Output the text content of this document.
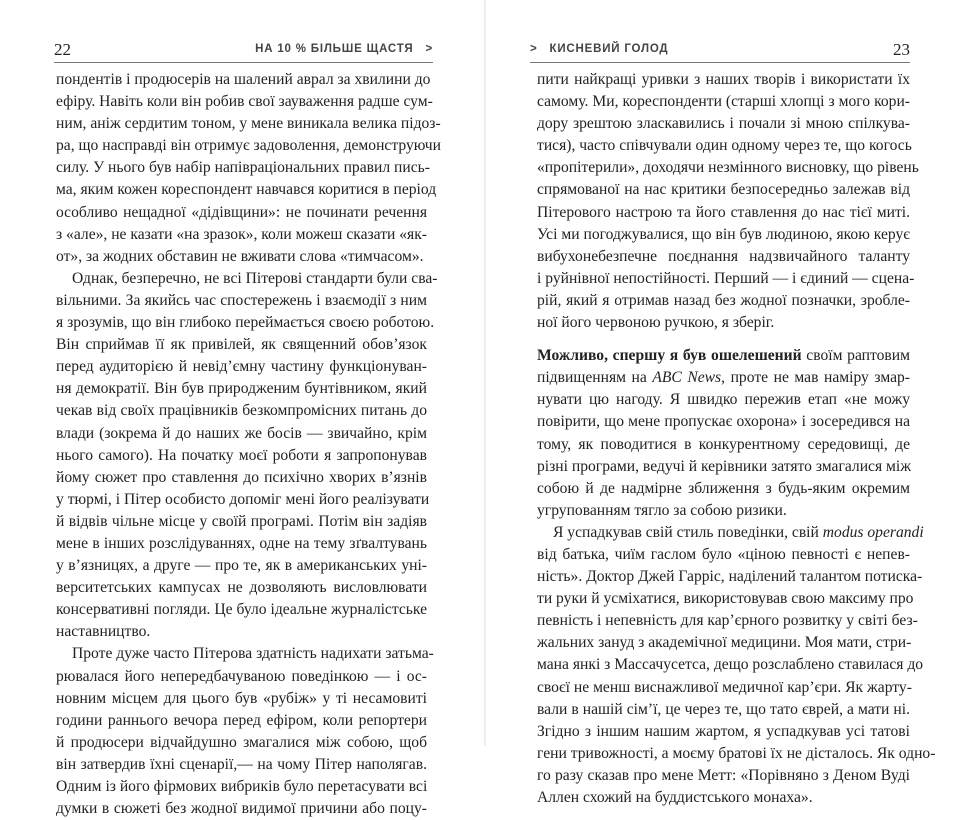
22	НА 10 % БІЛЬШЕ ЩАСТЯ >
пондентів і продюсерів на шалений аврал за хвилини до
ефіру. Навіть коли він робив свої зауваження радше сум-
ним, аніж сердитим тоном, у мене виникала велика підоз-
ра, що насправді він отримує задоволення, демонструючи
силу. У нього був набір напівраціональних правил пись-
ма, яким кожен кореспондент навчався коритися в період
особливо нещадної «дідівщини»: не починати речення
з «але», не казати «на зразок», коли можеш сказати «як-
от», за жодних обставин не вживати слова «тимчасом».
Однак, безперечно, не всі Пітерові стандарти були сва-
вільними. За якийсь час спостережень і взаємодії з ним
я зрозумів, що він глибоко переймається своєю роботою.
Він сприймав її як привілей, як священний обов’язок
перед аудиторією й невід’ємну частину функціонуван-
ня демократії. Він був природженим бунтівником, який
чекав від своїх працівників безкомпромісних питань до
влади (зокрема й до наших же босів — звичайно, крім
нього самого). На початку моєї роботи я запропонував
йому сюжет про ставлення до психічно хворих в’язнів
у тюрмі, і Пітер особисто допоміг мені його реалізувати
й відвів чільне місце у своїй програмі. Потім він задіяв
мене в інших розслідуваннях, одне на тему зґвалтувань
у в’язницях, а друге — про те, як в американських уні-
верситетських кампусах не дозволяють висловлювати
консервативні погляди. Це було ідеальне журналістське
наставництво.
Проте дуже часто Пітерова здатність надихати затьма-
рювалася його непередбачуваною поведінкою — і ос-
новним місцем для цього був «рубіж» у ті несамовиті
години раннього вечора перед ефіром, коли репортери
й продюсери відчайдушно змагалися між собою, щоб
він затвердив їхні сценарії,— на чому Пітер наполягав.
Одним із його фірмових вибриків було перетасувати всі
думки в сюжеті без жодної видимої причини або поцу-
> КИСНЕВИЙ ГОЛОД	23
пити найкращі уривки з наших творів і використати їх
самому. Ми, кореспонденти (старші хлопці з мого кори-
дору зрештою зласкавились і почали зі мною спілкува-
тися), часто співчували один одному через те, що когось
«пропітерили», доходячи незмінного висновку, що рівень
спрямованої на нас критики безпосередньо залежав від
Пітерового настрою та його ставлення до нас тієї миті.
Усі ми погоджувалися, що він був людиною, якою керує
вибухонебезпечне поєднання надзвичайного таланту
і руйнівної непостійності. Перший — і єдиний — сцена-
рій, який я отримав назад без жодної позначки, зробле-
ної його червоною ручкою, я зберіг.
Можливо, спершу я був ошелешений своїм раптовим
підвищенням на ABC News, проте не мав наміру змар-
нувати цю нагоду. Я швидко пережив етап «не можу
повірити, що мене пропускає охорона» і зосередився на
тому, як поводитися в конкурентному середовищі, де
різні програми, ведучі й керівники затято змагалися між
собою й де надмірне зближення з будь-яким окремим
угрупованням тягло за собою ризики.
Я успадкував свій стиль поведінки, свій modus operandi
від батька, чиїм гаслом було «ціною певності є непев-
ність». Доктор Джей Гарріс, наділений талантом потиска-
ти руки й усміхатися, використовував свою максиму про
певність і непевність для кар’єрного розвитку у світі без-
жальних зануд з академічної медицини. Моя мати, стри-
мана янкі з Массачусетса, дещо розслаблено ставилася до
своєї не менш виснажливої медичної кар’єри. Як жарту-
вали в нашій сім’ї, це через те, що тато єврей, а мати ні.
Згідно з іншим нашим жартом, я успадкував усі татові
гени тривожності, а моєму братові їх не дісталось. Як одно-
го разу сказав про мене Метт: «Порівняно з Деном Вуді
Аллен схожий на буддистського монаха».
